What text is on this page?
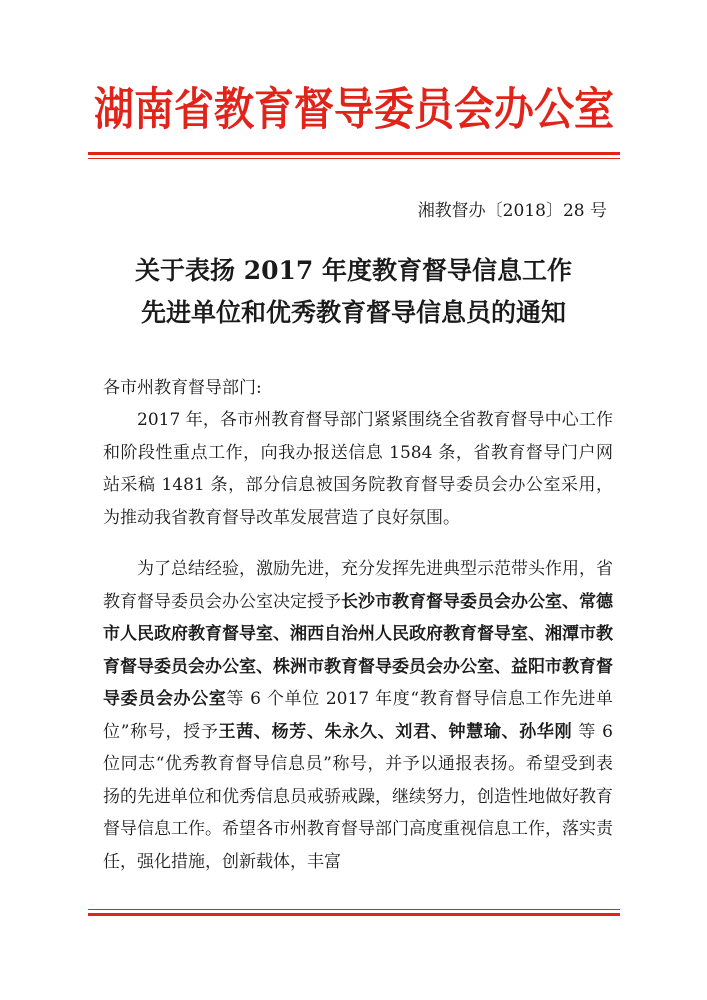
湖南省教育督导委员会办公室
湘教督办〔2018〕28 号
关于表扬 2017 年度教育督导信息工作
先进单位和优秀教育督导信息员的通知
各市州教育督导部门:

2017 年，各市州教育督导部门紧紧围绕全省教育督导中心工作和阶段性重点工作，向我办报送信息 1584 条，省教育督导门户网站采稿 1481 条，部分信息被国务院教育督导委员会办公室采用，为推动我省教育督导改革发展营造了良好氛围。

为了总结经验，激励先进，充分发挥先进典型示范带头作用，省教育督导委员会办公室决定授予长沙市教育督导委员会办公室、常德市人民政府教育督导室、湘西自治州人民政府教育督导室、湘潭市教育督导委员会办公室、株洲市教育督导委员会办公室、益阳市教育督导委员会办公室等 6 个单位 2017 年度“教育督导信息工作先进单位”称号，授予王茜、杨芳、朱永久、刘君、钟慧瑜、孙华刚 等 6 位同志“优秀教育督导信息员”称号，并予以通报表扬。希望受到表扬的先进单位和优秀信息员戒骄戒躁，继续努力，创造性地做好教育督导信息工作。希望各市州教育督导部门高度重视信息工作，落实责任，强化措施，创新载体，丰富
